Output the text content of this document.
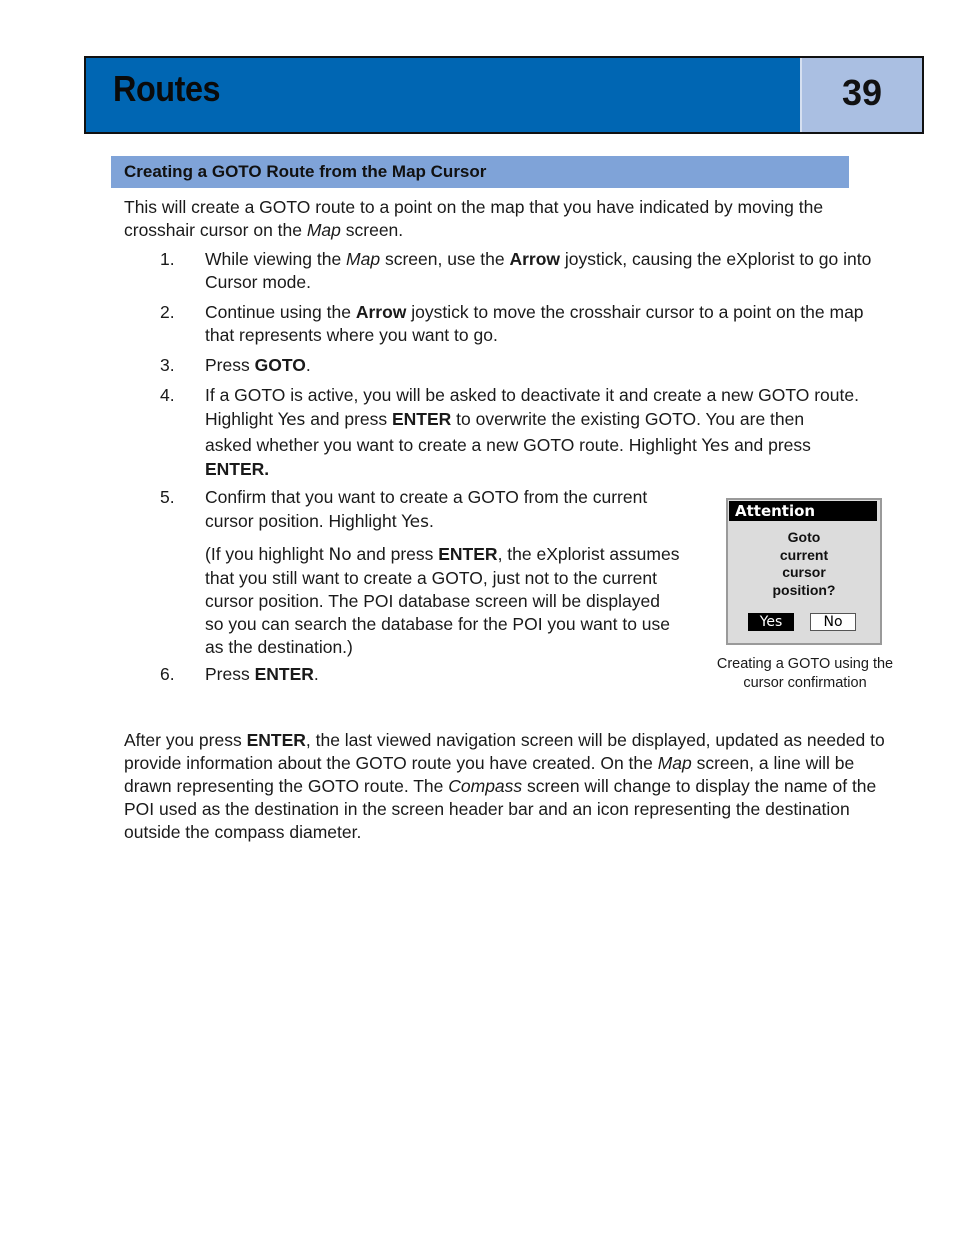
Routes	39
Creating a GOTO Route from the Map Cursor
This will create a GOTO route to a point on the map that you have indicated by moving the crosshair cursor on the Map screen.
1. While viewing the Map screen, use the Arrow joystick, causing the eXplorist to go into Cursor mode.
2. Continue using the Arrow joystick to move the crosshair cursor to a point on the map that represents where you want to go.
3. Press GOTO.
4. If a GOTO is active, you will be asked to deactivate it and create a new GOTO route.
Highlight Yes and press ENTER to overwrite the existing GOTO. You are then
asked whether you want to create a new GOTO route. Highlight Yes and press
ENTER.
5. Confirm that you want to create a GOTO from the current
cursor position. Highlight Yes.
(If you highlight No and press ENTER, the eXplorist assumes
that you still want to create a GOTO, just not to the current
cursor position. The POI database screen will be displayed
so you can search the database for the POI you want to use
as the destination.)
6. Press ENTER.
Attention
Goto
current
cursor
position?
Yes	No
Creating a GOTO using the
cursor confirmation
After you press ENTER, the last viewed navigation screen will be displayed, updated as needed to provide information about the GOTO route you have created. On the Map screen, a line will be drawn representing the GOTO route. The Compass screen will change to display the name of the POI used as the destination in the screen header bar and an icon representing the destination outside the compass diameter.
